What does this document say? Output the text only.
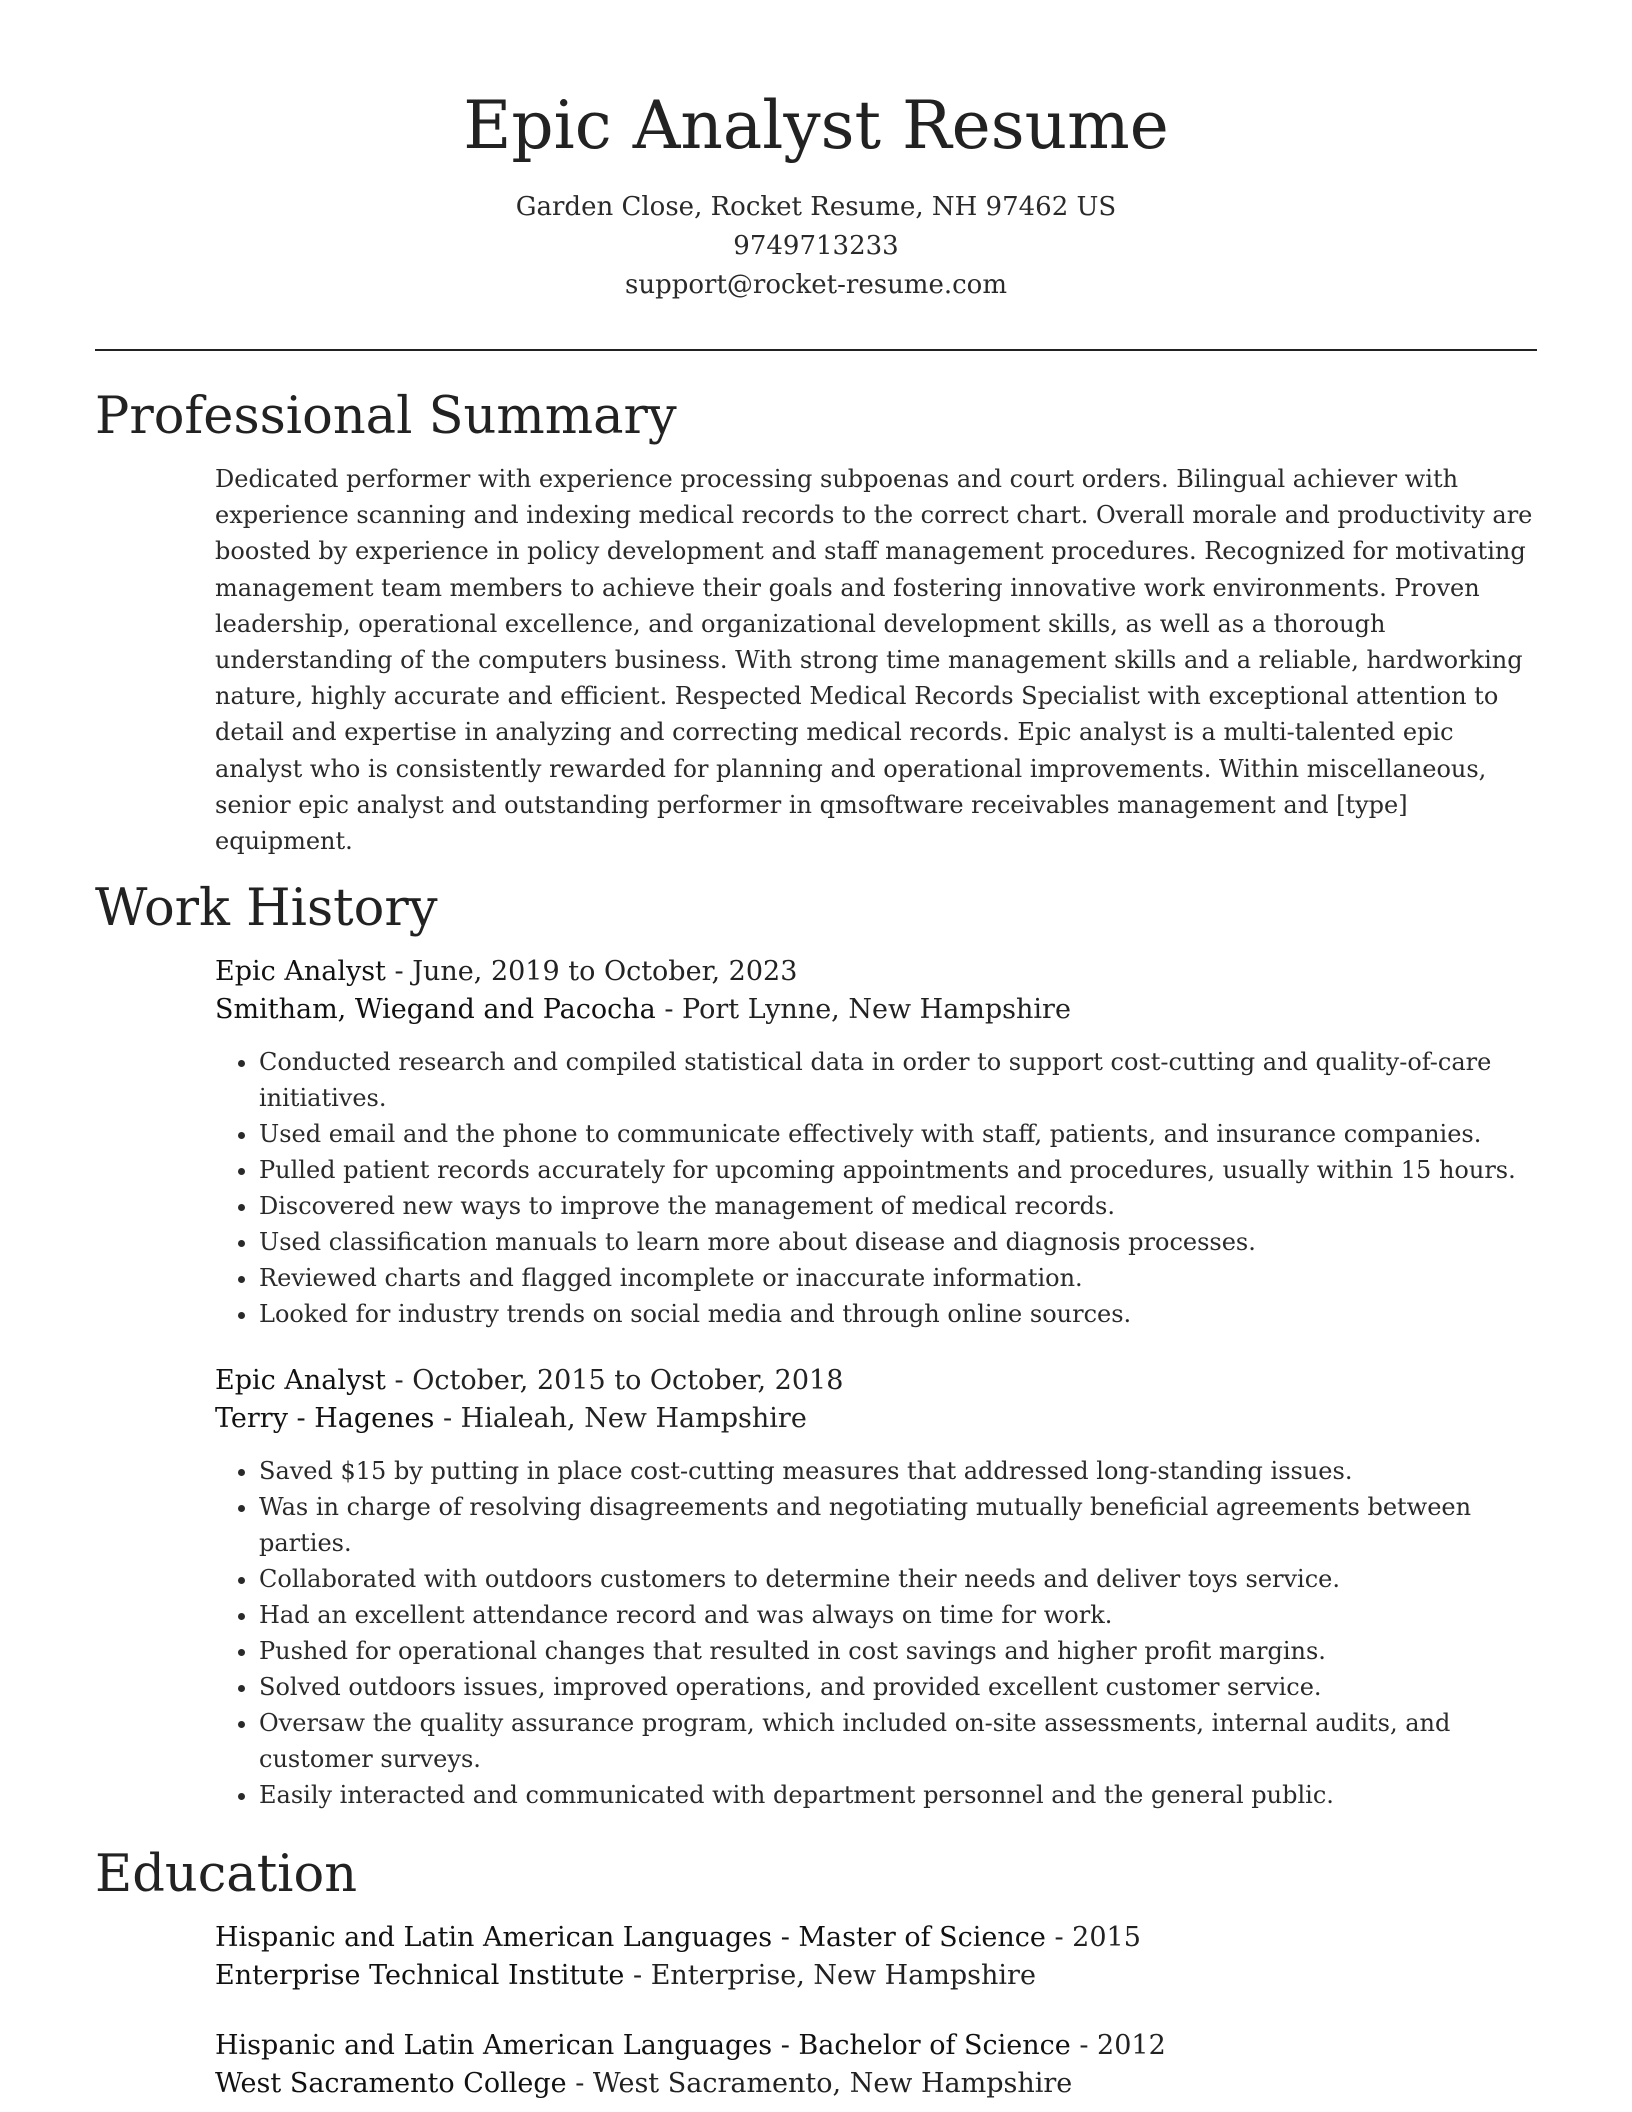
Epic Analyst Resume
Garden Close, Rocket Resume, NH 97462 US
9749713233
support@rocket-resume.com
Professional Summary

Dedicated performer with experience processing subpoenas and court orders. Bilingual achiever with experience scanning and indexing medical records to the correct chart. Overall morale and productivity are boosted by experience in policy development and staff management procedures. Recognized for motivating management team members to achieve their goals and fostering innovative work environments. Proven leadership, operational excellence, and organizational development skills, as well as a thorough understanding of the computers business. With strong time management skills and a reliable, hardworking nature, highly accurate and efficient. Respected Medical Records Specialist with exceptional attention to detail and expertise in analyzing and correcting medical records. Epic analyst is a multi-talented epic analyst who is consistently rewarded for planning and operational improvements. Within miscellaneous, senior epic analyst and outstanding performer in qmsoftware receivables management and [type] equipment.

Work History
Epic Analyst - June, 2019 to October, 2023
Smitham, Wiegand and Pacocha - Port Lynne, New Hampshire
• Conducted research and compiled statistical data in order to support cost-cutting and quality-of-care initiatives.
• Used email and the phone to communicate effectively with staff, patients, and insurance companies.
• Pulled patient records accurately for upcoming appointments and procedures, usually within 15 hours.
• Discovered new ways to improve the management of medical records.
• Used classification manuals to learn more about disease and diagnosis processes.
• Reviewed charts and flagged incomplete or inaccurate information.
• Looked for industry trends on social media and through online sources.
Epic Analyst - October, 2015 to October, 2018
Terry - Hagenes - Hialeah, New Hampshire
• Saved $15 by putting in place cost-cutting measures that addressed long-standing issues.
• Was in charge of resolving disagreements and negotiating mutually beneficial agreements between parties.
• Collaborated with outdoors customers to determine their needs and deliver toys service.
• Had an excellent attendance record and was always on time for work.
• Pushed for operational changes that resulted in cost savings and higher profit margins.
• Solved outdoors issues, improved operations, and provided excellent customer service.
• Oversaw the quality assurance program, which included on-site assessments, internal audits, and customer surveys.
• Easily interacted and communicated with department personnel and the general public.
Education
Hispanic and Latin American Languages - Master of Science - 2015
Enterprise Technical Institute - Enterprise, New Hampshire
Hispanic and Latin American Languages - Bachelor of Science - 2012
West Sacramento College - West Sacramento, New Hampshire
